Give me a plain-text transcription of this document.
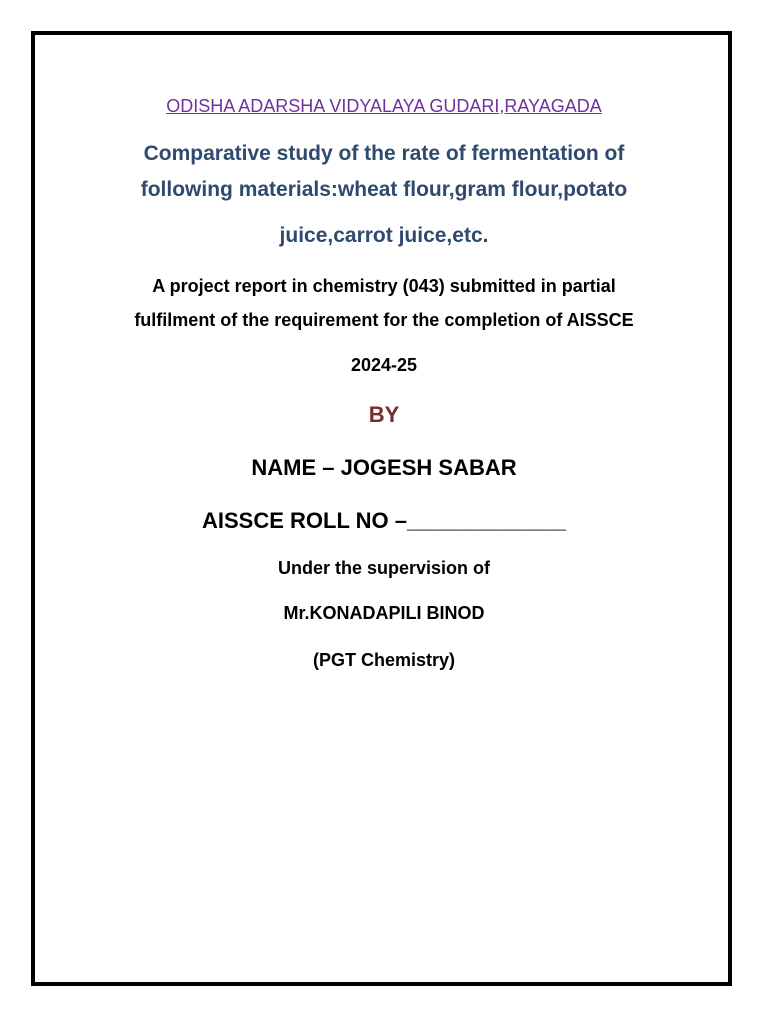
ODISHA ADARSHA VIDYALAYA GUDARI,RAYAGADA
Comparative study of the rate of fermentation of
following materials:wheat flour,gram flour,potato
juice,carrot juice,etc.
A project report in chemistry (043) submitted in partial
fulfilment of the requirement for the completion of AISSCE
2024-25
BY
NAME – JOGESH SABAR
AISSCE ROLL NO –_____________
Under the supervision of
Mr.KONADAPILI BINOD
(PGT Chemistry)
